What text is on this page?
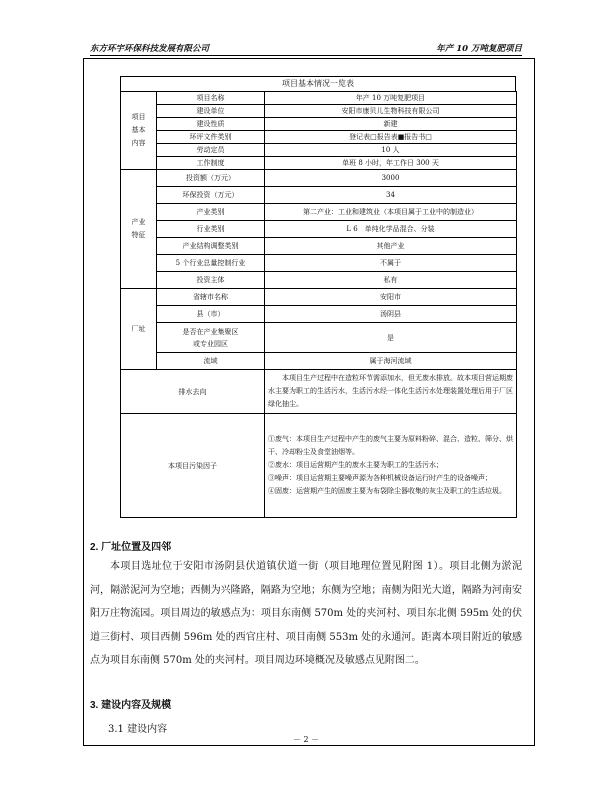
东方环宇环保科技发展有限公司	年产 10 万吨复肥项目
项目基本情况一览表
项目基本内容	项目名称	年产 10 万吨复肥项目
	建设单位	安阳市康贝儿生物科技有限公司
	建设性质	新建
	环评文件类别	登记表□报告表■报告书□
	劳动定员	10 人
	工作制度	单班 8 小时，年工作日 300 天

产业特征	投资额（万元）	3000
	环保投资（万元）	34
	产业类别	第二产业：工业和建筑业（本项目属于工业中的制造业）
	行业类别	L 6　单纯化学品混合、分装
	产业结构调整类别	其他产业
	5 个行业总量控制行业	不属于
	投资主体	私有
厂址	省辖市名称	安阳市
	县（市）	汤阴县

	是否在产业集聚区
或专业园区	是
	流域	属于海河流域
排水去向		本项目生产过程中在造粒环节需添加水，但无废水排放。故本项目营运期废水主要为职工的生活污水，生活污水经一体化生活污水处理装置处理后用于厂区绿化抽尘。
本项目污染因子		①废气：本项目生产过程中产生的废气主要为原料粉碎、混合、造粒、筛分、烘干、冷却粉尘及食堂油烟等。
②废水：项目运营期产生的废水主要为职工的生活污水；
③噪声：项目运营期主要噪声源为各种机械设备运行时产生的设备噪声；
④固废：运营期产生的固废主要为布袋除尘器收集的灰尘及职工的生活垃圾。
2. 厂址位置及四邻
本项目选址位于安阳市汤阴县伏道镇伏道一街（项目地理位置见附图 1）。项目北侧为淤泥河，隔淤泥河为空地；西侧为兴隆路，隔路为空地；东侧为空地；南侧为阳光大道，隔路为河南安阳万庄物流园。项目周边的敏感点为：项目东南侧 570m 处的夹河村、项目东北侧 595m 处的伏道三街村、项目西侧 596m 处的西官庄村、项目南侧 553m 处的永通河。距离本项目附近的敏感点为项目东南侧 570m 处的夹河村。项目周边环境概况及敏感点见附图二。
3. 建设内容及规模
3.1 建设内容
－ 2 －
